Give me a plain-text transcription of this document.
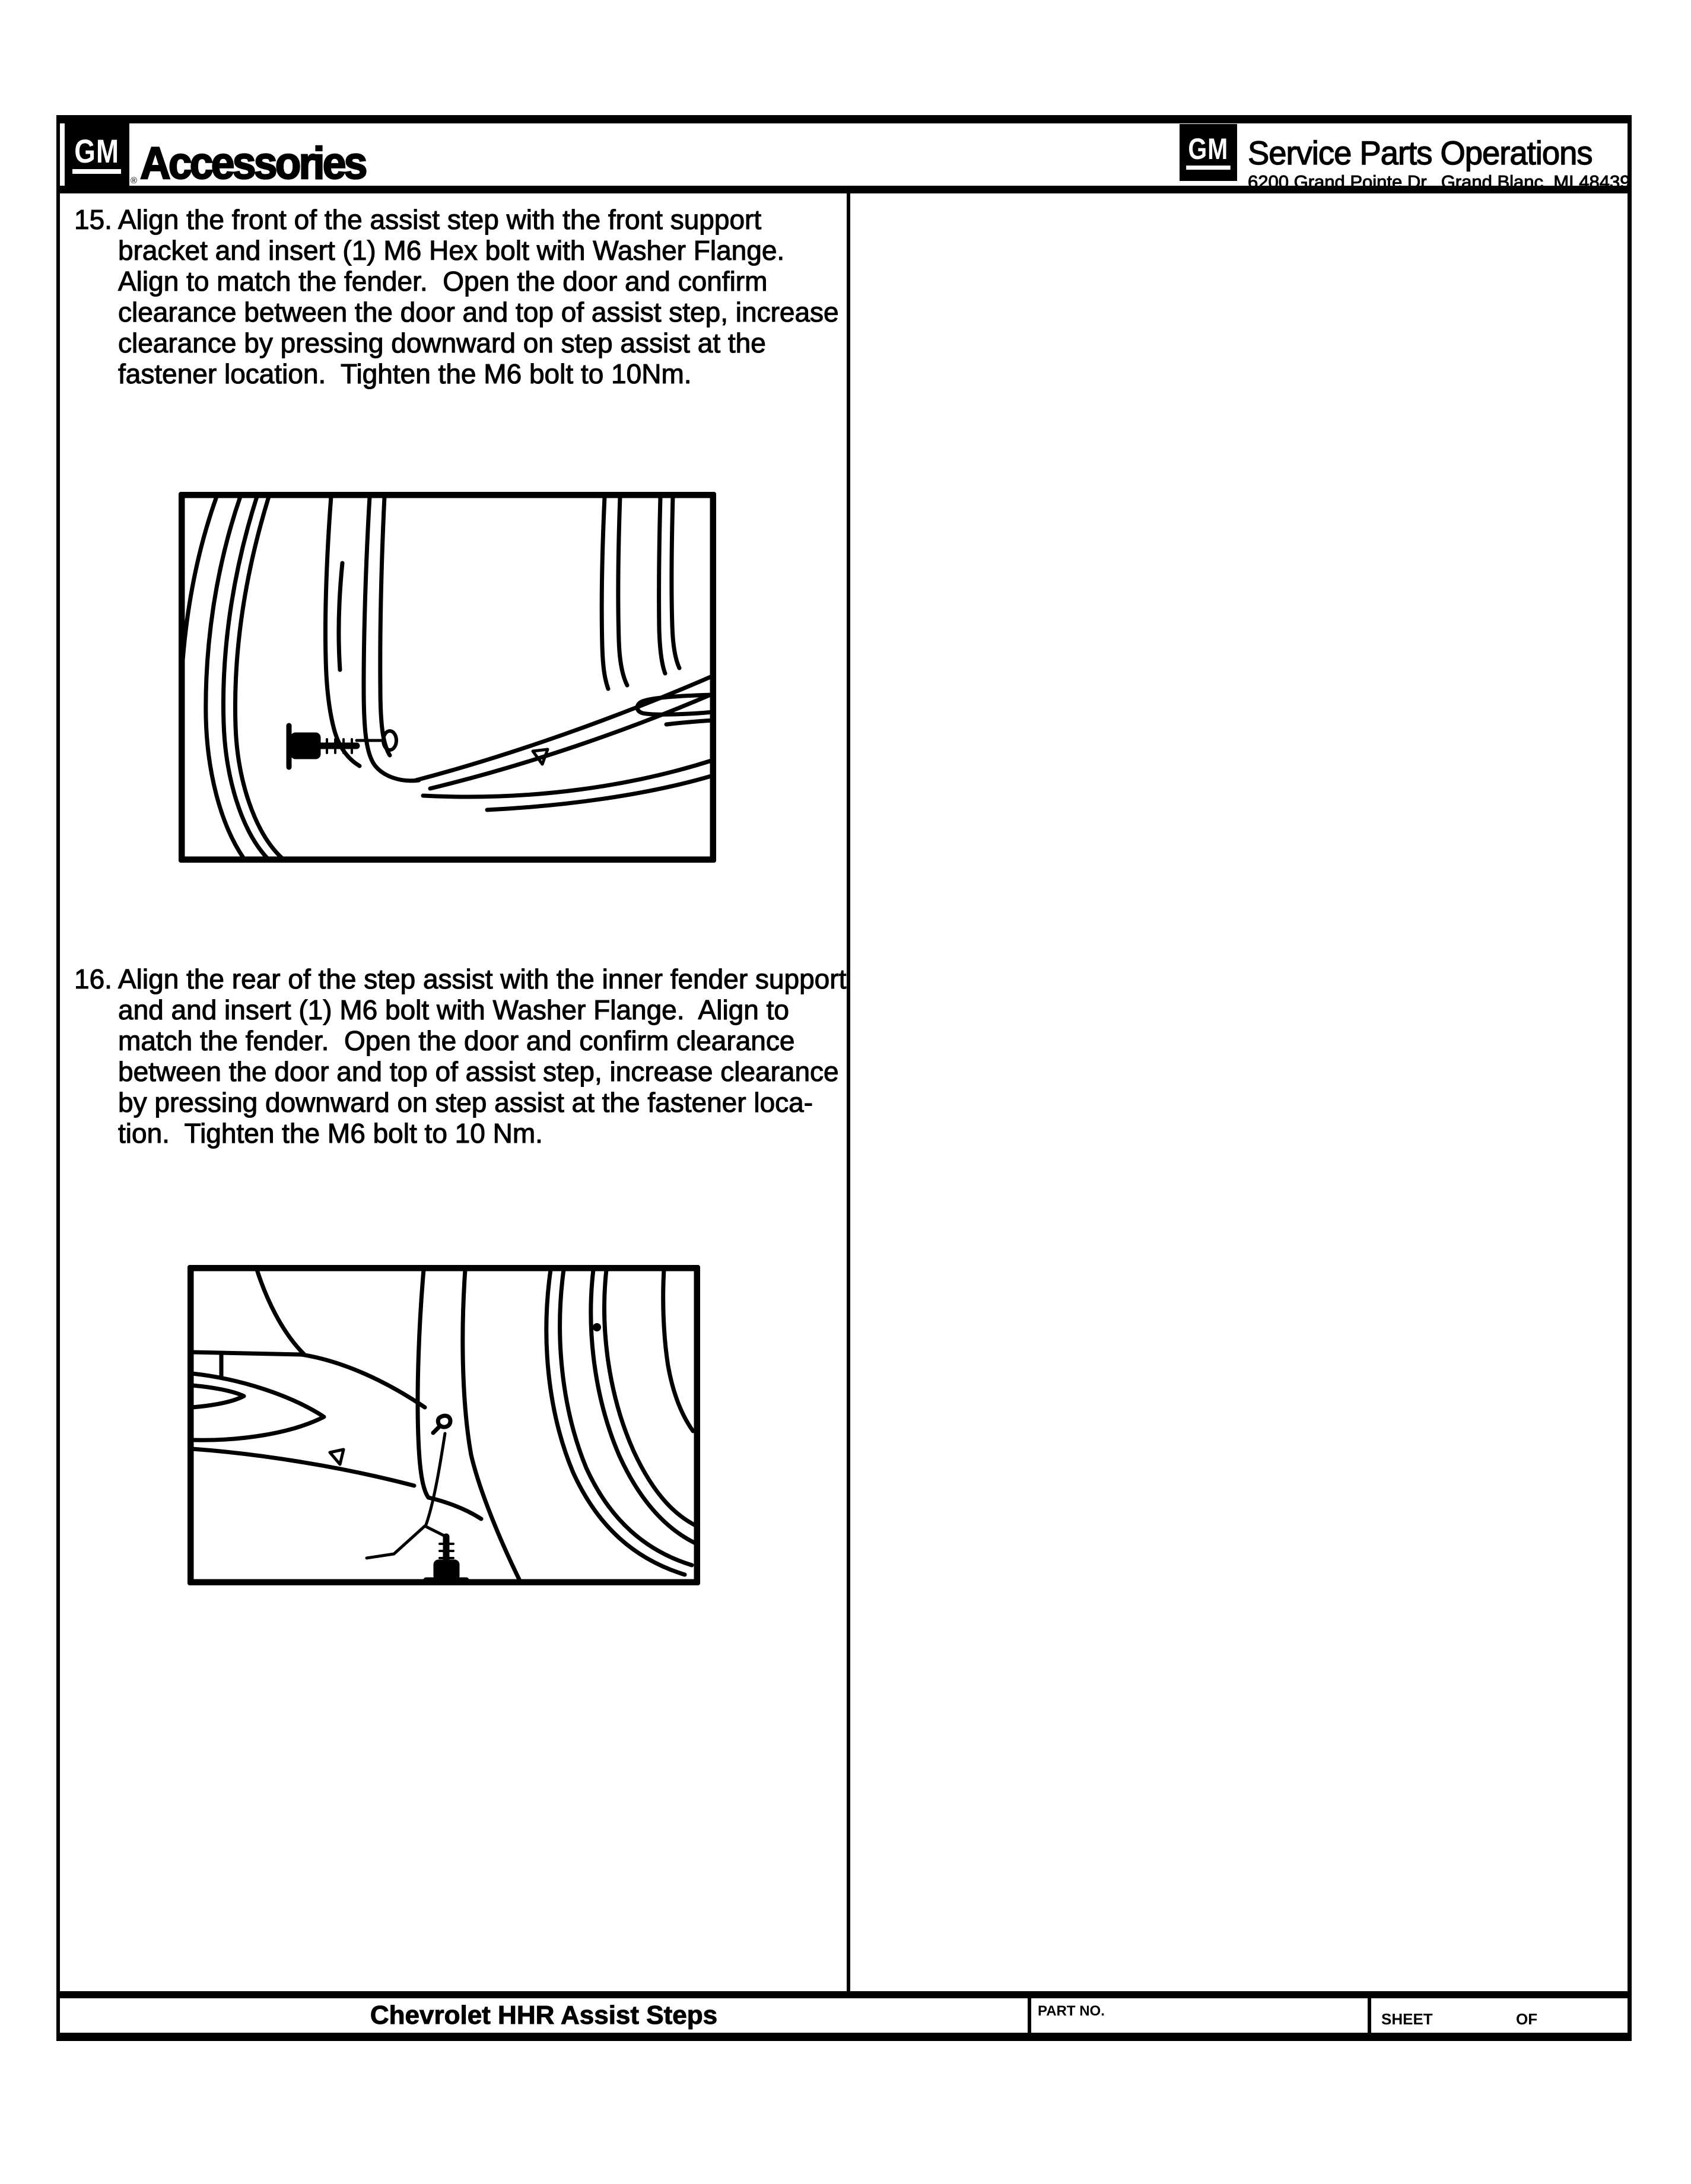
GM
® Accessories	GM Service Parts Operations
6200 Grand Pointe Dr., Grand Blanc, MI 48439
15. Align the front of the assist step with the front support
bracket and insert (1) M6 Hex bolt with Washer Flange.
Align to match the fender.  Open the door and confirm
clearance between the door and top of assist step, increase
clearance by pressing downward on step assist at the
fastener location.  Tighten the M6 bolt to 10Nm.
16. Align the rear of the step assist with the inner fender support
and and insert (1) M6 bolt with Washer Flange.  Align to
match the fender.  Open the door and confirm clearance
between the door and top of assist step, increase clearance
by pressing downward on step assist at the fastener loca-
tion.  Tighten the M6 bolt to 10 Nm.
Chevrolet HHR Assist Steps	PART NO.	SHEET	OF
